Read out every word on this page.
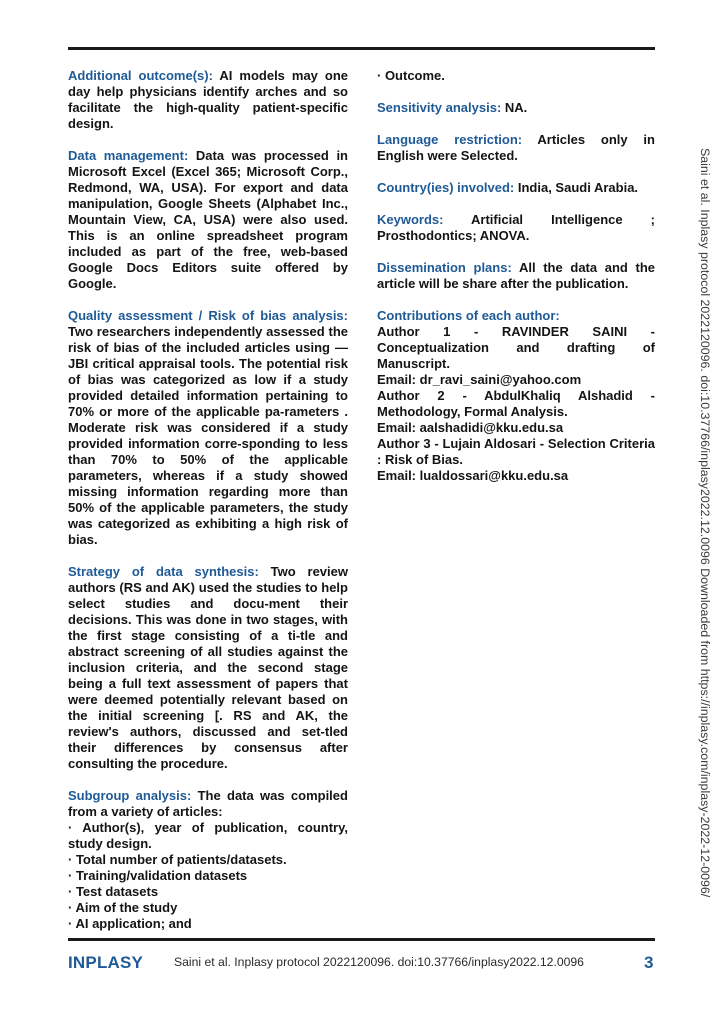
Additional outcome(s): AI models may one day help physicians identify arches and so facilitate the high-quality patient-specific design.

Data management: Data was processed in Microsoft Excel (Excel 365; Microsoft Corp., Redmond, WA, USA). For export and data manipulation, Google Sheets (Alphabet Inc., Mountain View, CA, USA) were also used. This is an online spreadsheet program included as part of the free, web-based Google Docs Editors suite offered by Google.

Quality assessment / Risk of bias analysis: Two researchers independently assessed the risk of bias of the included articles using —JBI critical appraisal tools. The potential risk of bias was categorized as low if a study provided detailed information pertaining to 70% or more of the applicable pa-rameters . Moderate risk was considered if a study provided information corre-sponding to less than 70% to 50% of the applicable parameters, whereas if a study showed missing information regarding more than 50% of the applicable parameters, the study was categorized as exhibiting a high risk of bias.

Strategy of data synthesis: Two review authors (RS and AK) used the studies to help select studies and docu-ment their decisions. This was done in two stages, with the first stage consisting of a ti-tle and abstract screening of all studies against the inclusion criteria, and the second stage being a full text assessment of papers that were deemed potentially relevant based on the initial screening [. RS and AK, the review's authors, discussed and set-tled their differences by consensus after consulting the procedure.

Subgroup analysis: The data was compiled from a variety of articles:

· Author(s), year of publication, country, study design.
· Total number of patients/datasets.
· Training/validation datasets
· Test datasets
· Aim of the study
· AI application; and
· Outcome.

Sensitivity analysis: NA.

Language restriction: Articles only in English were Selected.

Country(ies) involved: India, Saudi Arabia.

Keywords: Artificial Intelligence ; Prosthodontics; ANOVA.

Dissemination plans: All the data and the article will be share after the publication.

Contributions of each author:
Author 1 - RAVINDER SAINI - Conceptualization and drafting of Manuscript.
Email: dr_ravi_saini@yahoo.com
Author 2 - AbdulKhaliq Alshadid - Methodology, Formal Analysis.
Email: aalshadidi@kku.edu.sa
Author 3 - Lujain Aldosari - Selection Criteria : Risk of Bias.
Email: lualdossari@kku.edu.sa	Saini et al. Inplasy protocol 2022120096. doi:10.37766/inplasy2022.12.0096 Downloaded from https://inplasy.com/inplasy-2022-12-0096/
INPLASY	Saini et al. Inplasy protocol 2022120096. doi:10.37766/inplasy2022.12.0096	3
